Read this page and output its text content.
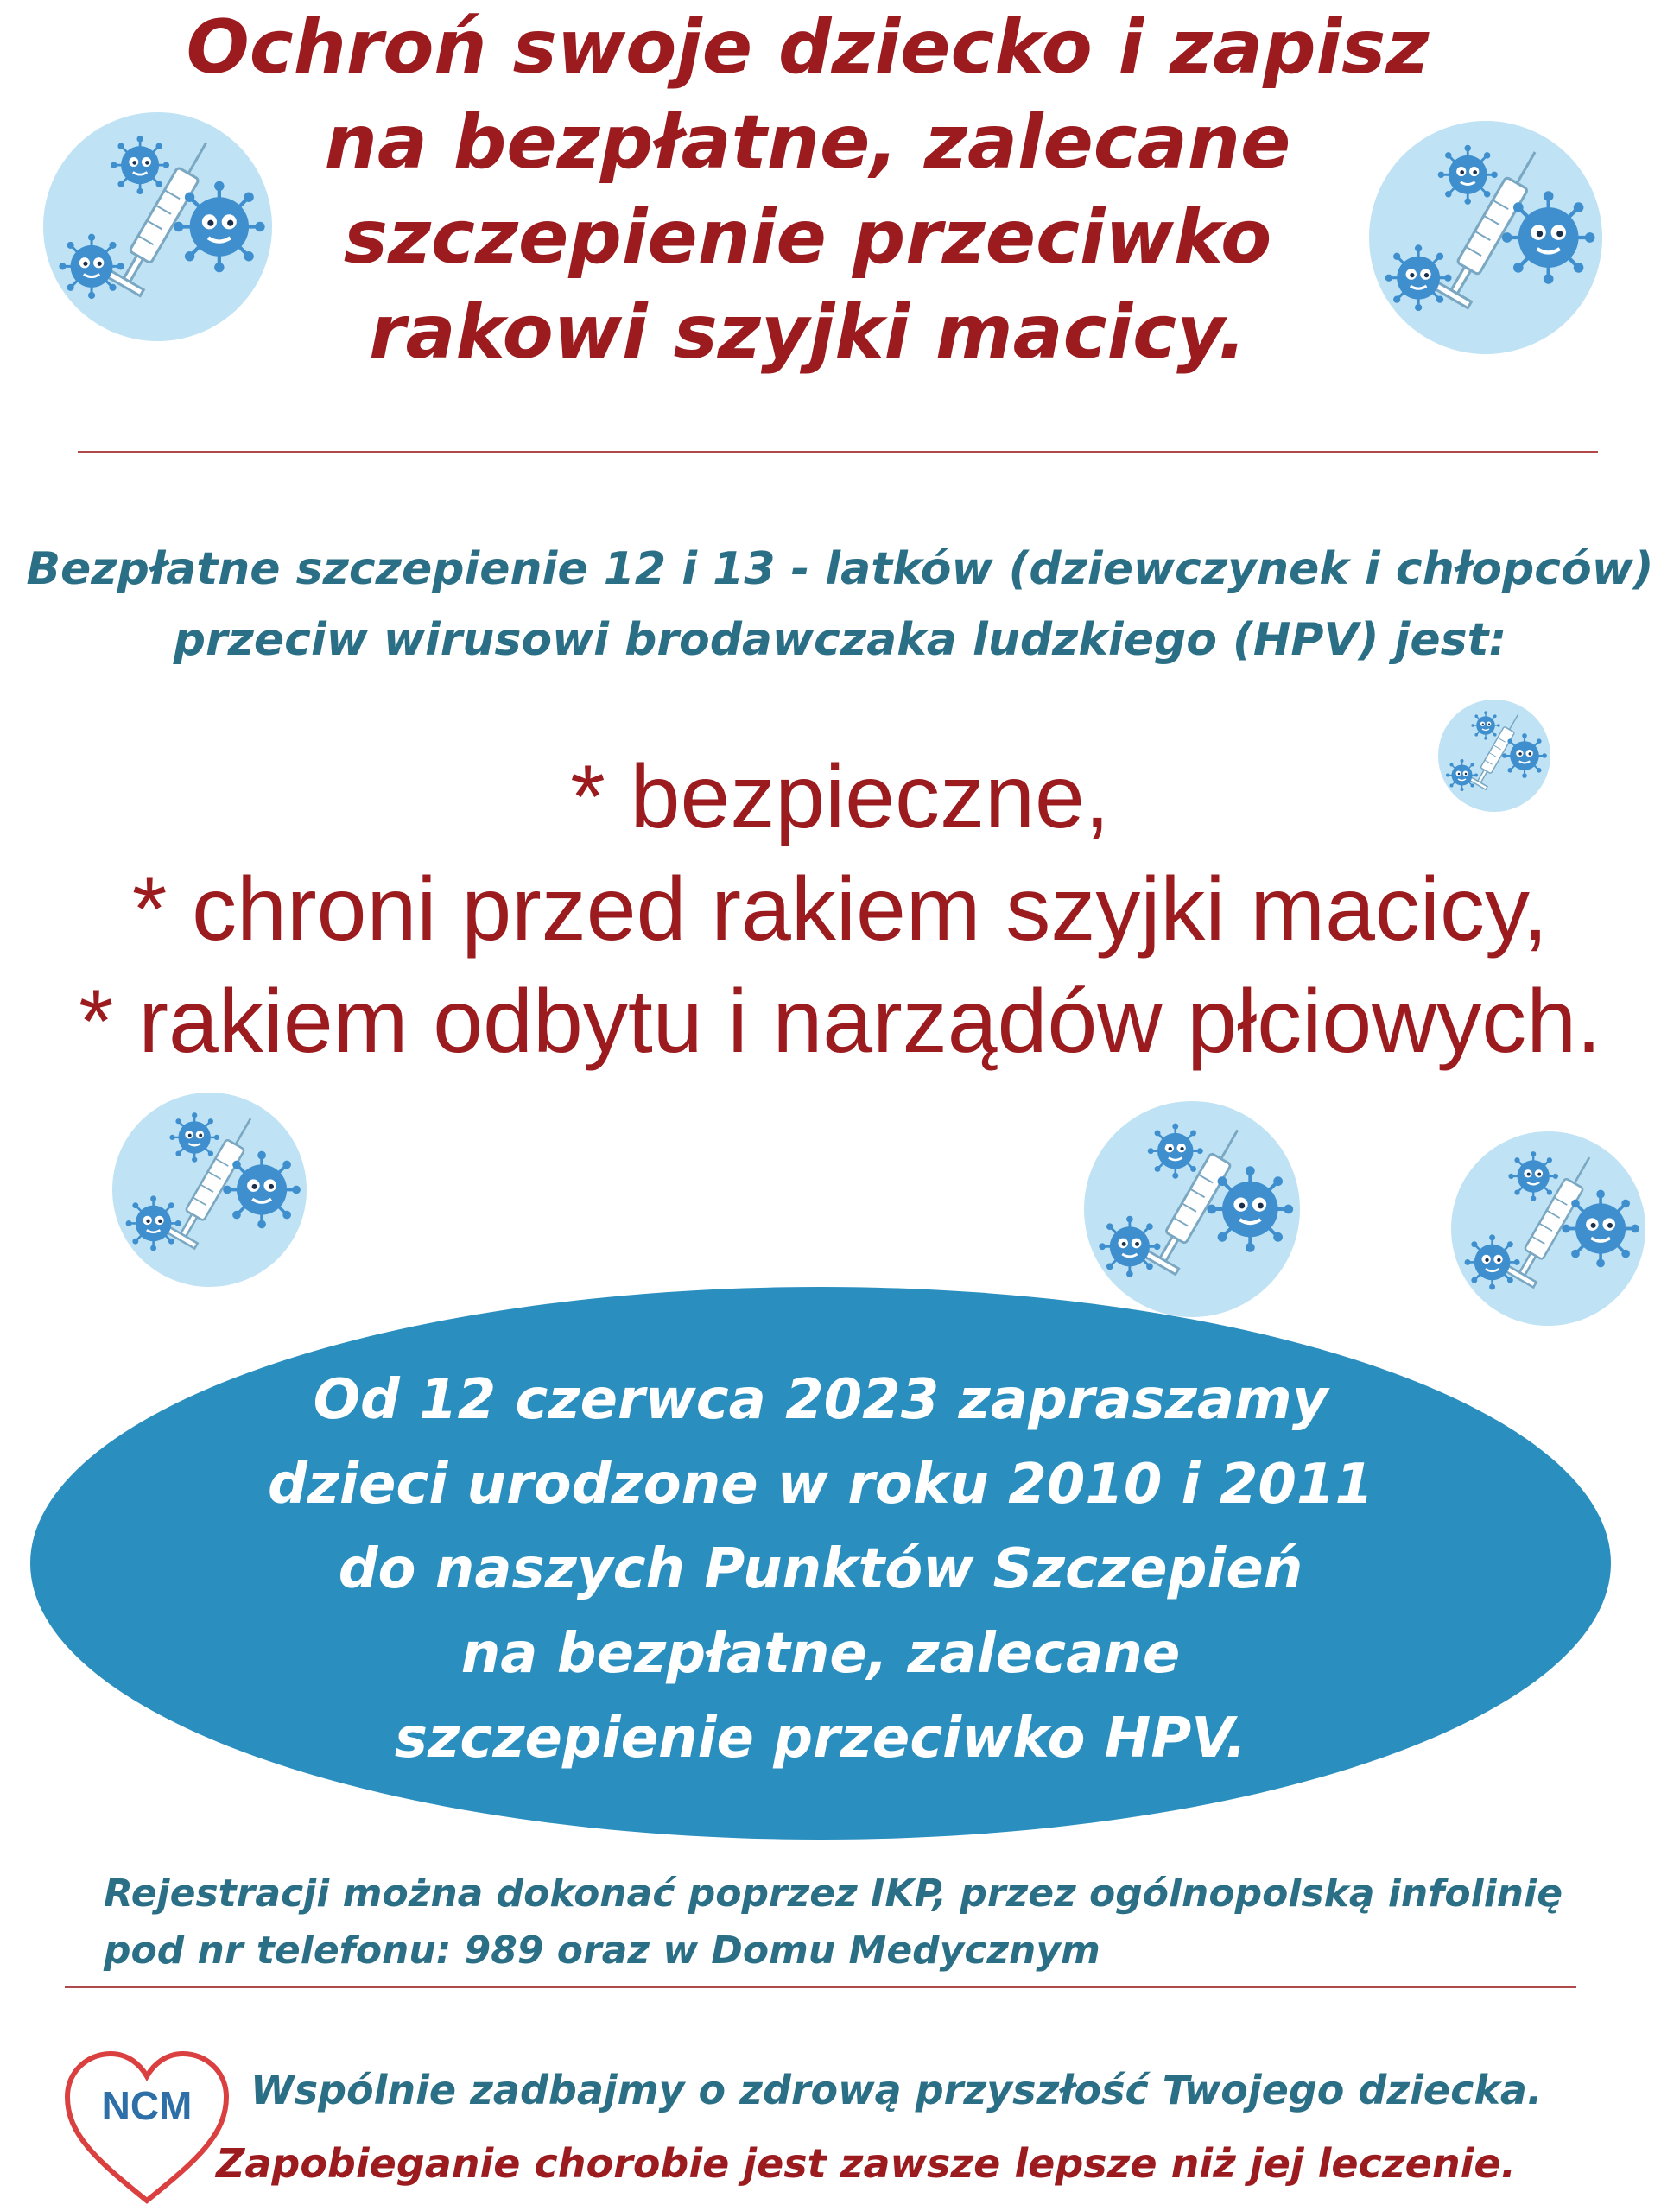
Ochroń swoje dziecko i zapisz
na bezpłatne, zalecane
szczepienie przeciwko
rakowi szyjki macicy.
Bezpłatne szczepienie 12 i 13 - latków (dziewczynek i chłopców)
przeciw wirusowi brodawczaka ludzkiego (HPV) jest:
* bezpieczne,
* chroni przed rakiem szyjki macicy,
* rakiem odbytu i narządów płciowych.
Od 12 czerwca 2023 zapraszamy
dzieci urodzone w roku 2010 i 2011
do naszych Punktów Szczepień
na bezpłatne, zalecane
szczepienie przeciwko HPV.
Rejestracji można dokonać poprzez IKP, przez ogólnopolską infolinię
pod nr telefonu: 989 oraz w Domu Medycznym
NCM	Wspólnie zadbajmy o zdrową przyszłość Twojego dziecka.
Zapobieganie chorobie jest zawsze lepsze niż jej leczenie.
